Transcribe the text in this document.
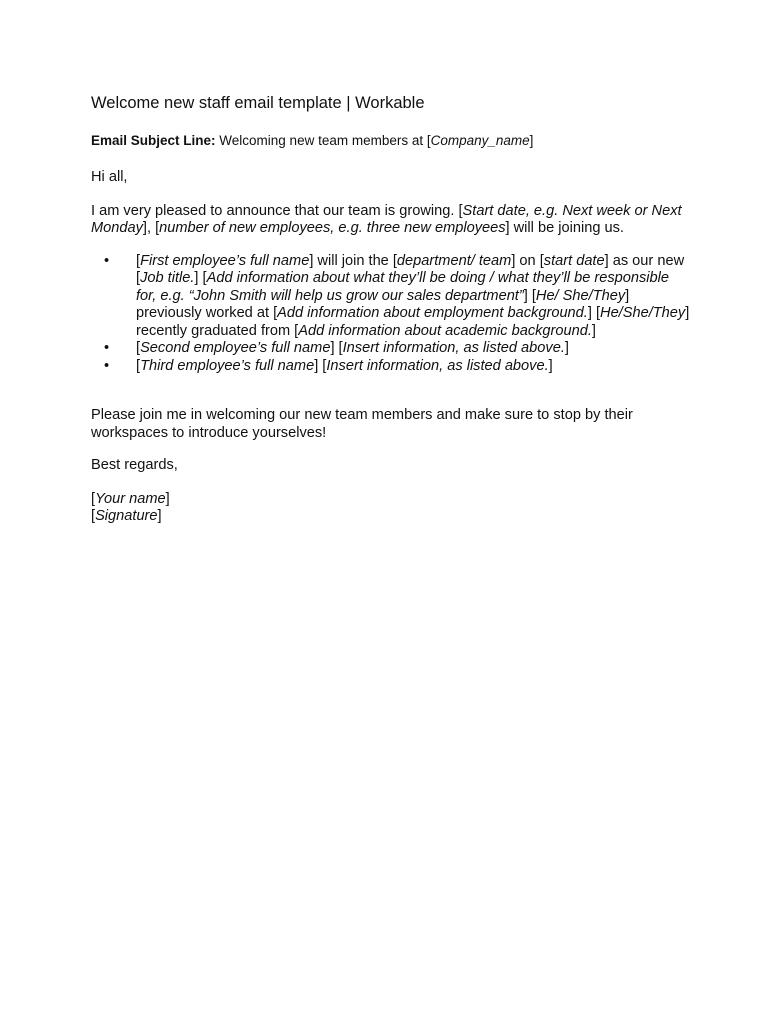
Welcome new staff email template | Workable
Email Subject Line: Welcoming new team members at [Company_name]

Hi all,

I am very pleased to announce that our team is growing. [Start date, e.g. Next week or Next Monday], [number of new employees, e.g. three new employees] will be joining us.

• [First employee’s full name] will join the [department/ team] on [start date] as our new [Job title.] [Add information about what they’ll be doing / what they’ll be responsible for, e.g. “John Smith will help us grow our sales department”] [He/ She/They] previously worked at [Add information about employment background.] [He/She/They] recently graduated from [Add information about academic background.]
• [Second employee’s full name] [Insert information, as listed above.]
• [Third employee’s full name] [Insert information, as listed above.]

Please join me in welcoming our new team members and make sure to stop by their workspaces to introduce yourselves!

Best regards,

[Your name]

[Signature]
